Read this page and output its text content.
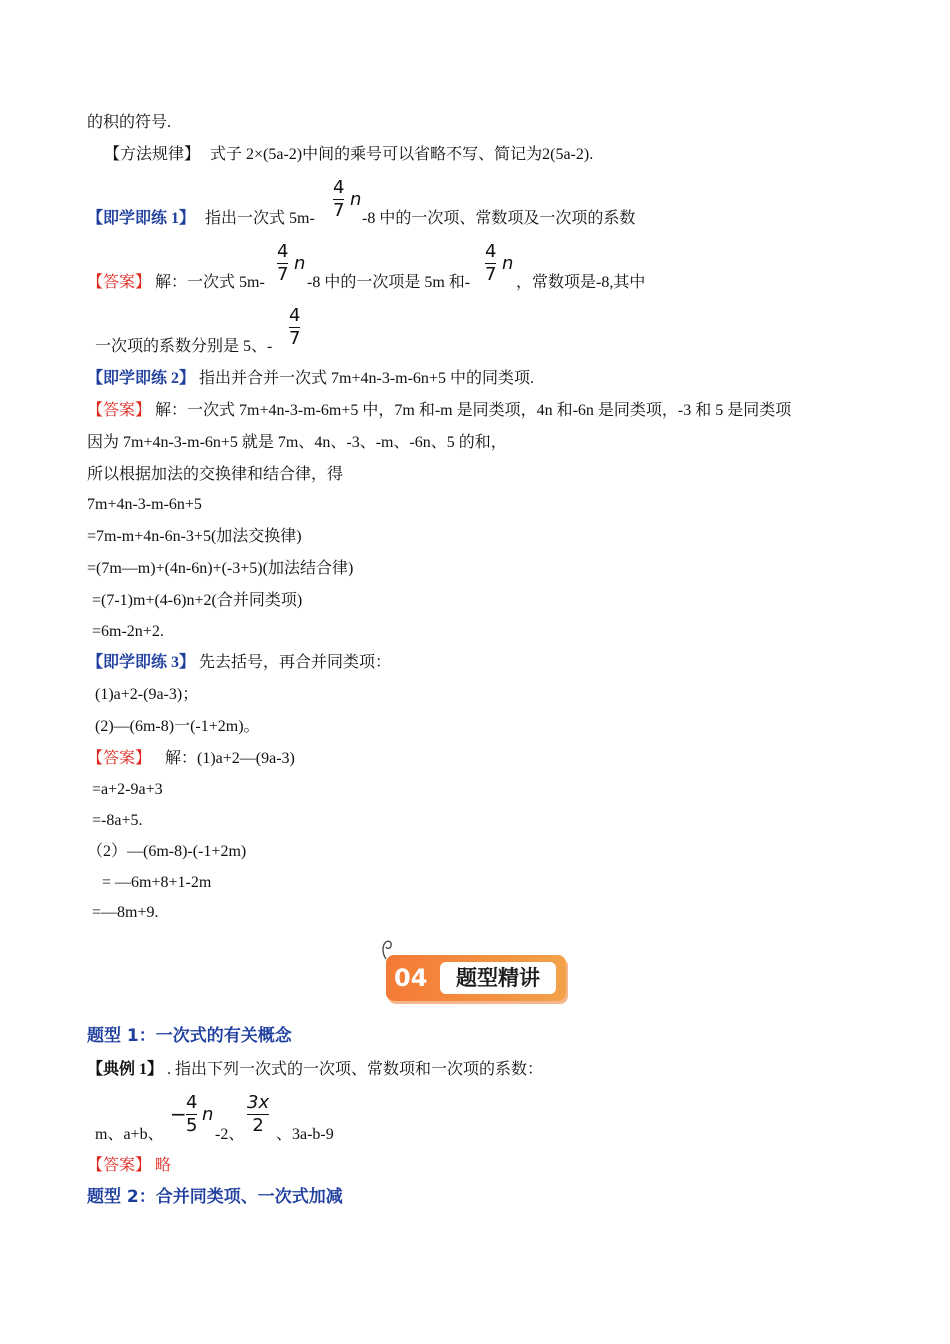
的积的符号.
【方法规律】 式子 2×(5a-2)中间的乘号可以省略不写、简记为2(5a-2).
【即学即练 1】 指出一次式 5m-
4
7
n
-8 中的一次项、常数项及一次项的系数
【答案】 解：一次式 5m-
4
7
n
-8 中的一次项是 5m 和-
4
7
n
，常数项是-8,其中
一次项的系数分别是 5、-
4
7
【即学即练 2】 指出并合并一次式 7m+4n-3-m-6n+5 中的同类项.
【答案】 解：一次式 7m+4n-3-m-6m+5 中，7m 和-m 是同类项，4n 和-6n 是同类项，-3 和 5 是同类项
因为 7m+4n-3-m-6n+5 就是 7m、4n、-3、-m、-6n、5 的和，
所以根据加法的交换律和结合律，得
7m+4n-3-m-6n+5
=7m-m+4n-6n-3+5(加法交换律)
=(7m—m)+(4n-6n)+(-3+5)(加法结合律)
=(7-1)m+(4-6)n+2(合并同类项)
=6m-2n+2.
【即学即练 3】 先去括号，再合并同类项：
(1)a+2-(9a-3)；
(2)—(6m-8)一(-1+2m)。
【答案】 解：(1)a+2—(9a-3)
=a+2-9a+3
=-8a+5.
（2）—(6m-8)-(-1+2m)
= —6m+8+1-2m
=—8m+9.
04	题型精讲
题型 1：一次式的有关概念
【典例 1】 . 指出下列一次式的一次项、常数项和一次项的系数：
m、a+b、
− 4
5
n
-2、
3x
2 、3a-b-9
【答案】 略
题型 2：合并同类项、一次式加减
